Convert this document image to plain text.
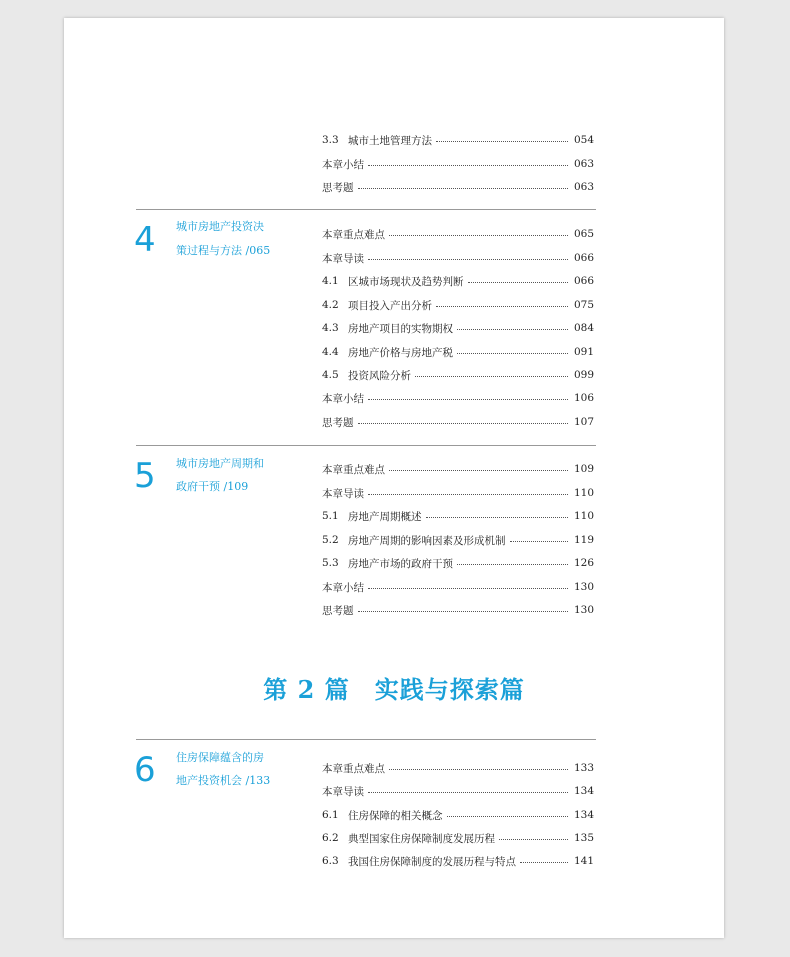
3.3 城市土地管理方法	054
本章小结	063
思考题	063
4 城市房地产投资决
策过程与方法 /065
本章重点难点	065
本章导读	066
4.1 区城市场现状及趋势判断	066
4.2 项目投入产出分析	075
4.3 房地产项目的实物期权	084
4.4 房地产价格与房地产税	091
4.5 投资风险分析	099
本章小结	106
思考题	107
5 城市房地产周期和
政府干预 /109
本章重点难点	109
本章导读	110
5.1 房地产周期概述	110
5.2 房地产周期的影响因素及形成机制	119
5.3 房地产市场的政府干预	126
本章小结	130
思考题	130
第 2 篇　实践与探索篇
6 住房保障蕴含的房
地产投资机会 /133
本章重点难点	133
本章导读	134
6.1 住房保障的相关概念	134
6.2 典型国家住房保障制度发展历程	135
6.3 我国住房保障制度的发展历程与特点	141
